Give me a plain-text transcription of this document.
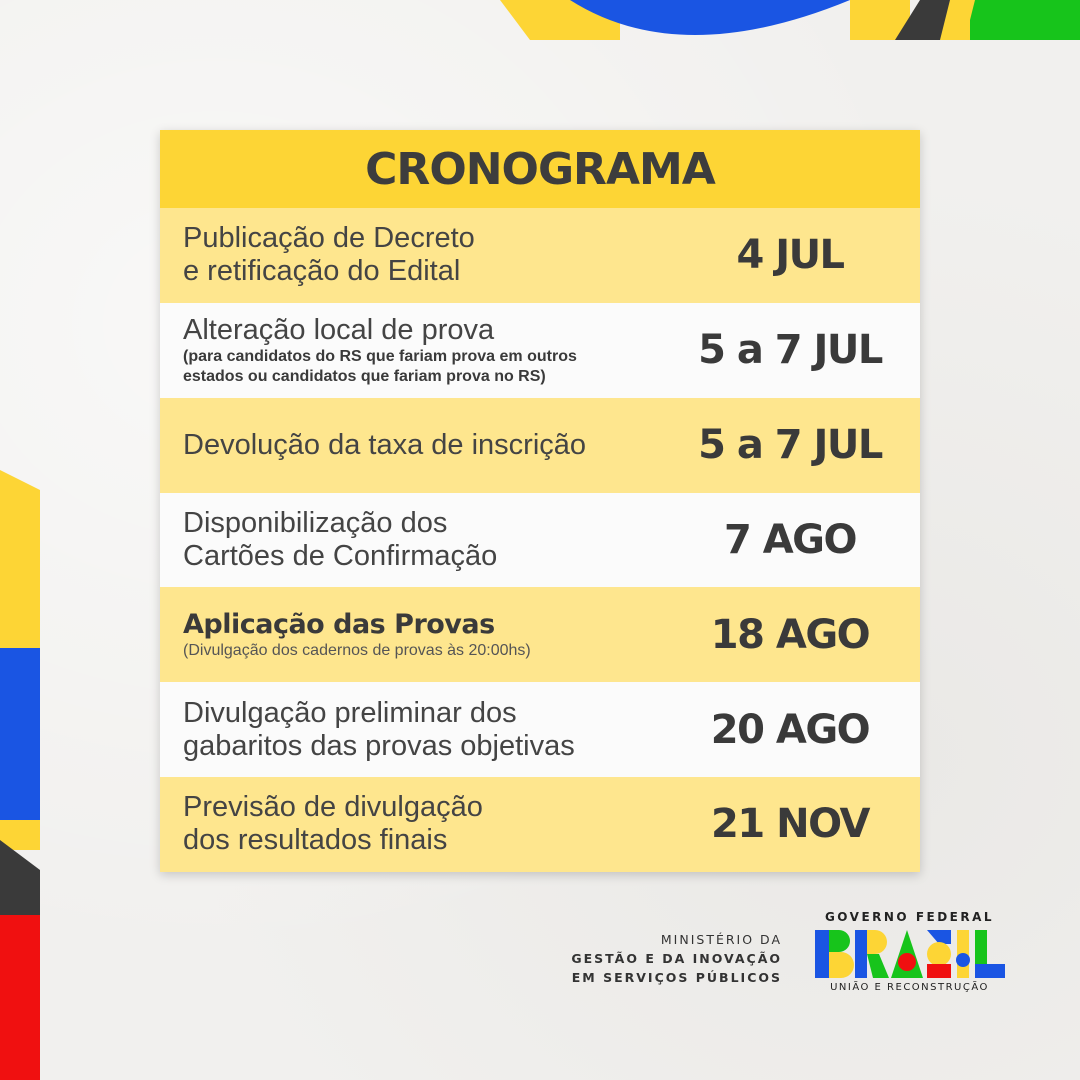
CRONOGRAMA
Publicação de Decreto
e retificação do Edital	4 JUL
Alteração local de prova
(para candidatos do RS que fariam prova em outros
estados ou candidatos que fariam prova no RS)
5 a 7 JUL
Devolução da taxa de inscrição	5 a 7 JUL
Disponibilização dos
Cartões de Confirmação	7 AGO
Aplicação das Provas
(Divulgação dos cadernos de provas às 20:00hs)	18 AGO
Divulgação preliminar dos
gabaritos das provas objetivas	20 AGO
Previsão de divulgação
dos resultados finais	21 NOV
MINISTÉRIO DA
GESTÃO E DA INOVAÇÃO
EM SERVIÇOS PÚBLICOS
GOVERNO FEDERAL
UNIÃO E RECONSTRUÇÃO
